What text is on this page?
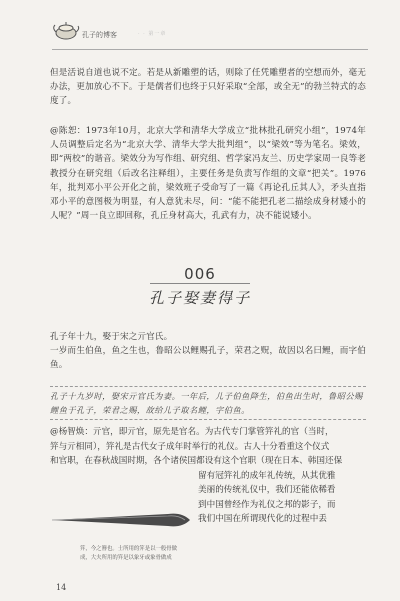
孔子的博客	· · 第一章
但是活说自道也说不定。若是从新雕塑的话，则除了任凭雕塑者的空想而外，毫无办法，更加放心不下。于是儒者们也终于只好采取“全部，或全无”的勃兰特式的态度了。
@陈恕：1973年10月，北京大学和清华大学成立“批林批孔研究小组”，1974年人员调整后定名为“北京大学、清华大学大批判组”，以“梁效”等为笔名。梁效，即“两校”的谐音。梁效分为写作组、研究组、哲学家冯友兰、历史学家周一良等老教授分在研究组（后改名注释组），主要任务是负责写作组的文章“把关”。1976年，批判邓小平公开化之前，梁效班子受命写了一篇《再论孔丘其人》，矛头直指邓小平的意图极为明显，有人意犹未尽，问：“能不能把孔老二描绘成身材矮小的人呢？”周一良立即回称，孔丘身材高大，孔武有力，决不能说矮小。
006
孔子娶妻得子
孔子年十九，娶于宋之亓官氏。
一岁而生伯鱼，鱼之生也，鲁昭公以鲤赐孔子，荣君之贶，故因以名曰鲤，而字伯鱼。
孔子十九岁时，娶宋亓官氏为妻。一年后，儿子伯鱼降生，伯鱼出生时，鲁昭公赐鲤鱼于孔子，荣君之赐，故给儿子取名鲤，字伯鱼。
@杨智焕：亓官，即亓官，原先是官名。为古代专门掌管笄礼的官（当时，
笄与亓相同），笄礼是古代女子成年时举行的礼仪。古人十分看重这个仪式
和官职，在春秋战国时期，各个诸侯国都设有这个官职（现在日本、韩国还保
留有冠笄礼的成年礼传统，从其优雅
美丽的传统礼仪中，我们还能依稀看
到中国曾经作为礼仪之邦的影子，而
我们中国在所谓现代化的过程中丢
笄，今之簪也。士所用的笄是以一般骨做
成，大夫所用的笄是以象牙或象骨做成
14
